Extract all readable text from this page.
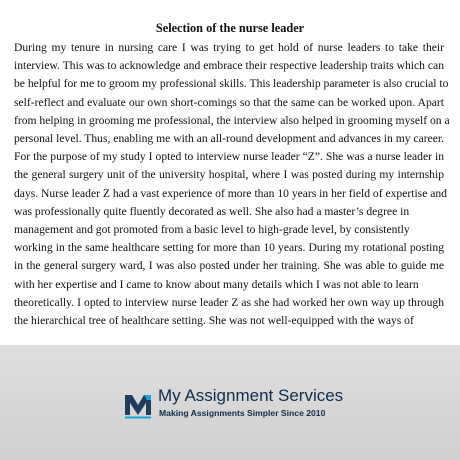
Selection of the nurse leader
During my tenure in nursing care I was trying to get hold of nurse leaders to take their
interview. This was to acknowledge and embrace their respective leadership traits which can
be helpful for me to groom my professional skills. This leadership parameter is also crucial to
self-reflect and evaluate our own short-comings so that the same can be worked upon. Apart
from helping in grooming me professional, the interview also helped in grooming myself on a
personal level. Thus, enabling me with an all-round development and advances in my career.
For the purpose of my study I opted to interview nurse leader “Z”. She was a nurse leader in
the general surgery unit of the university hospital, where I was posted during my internship
days. Nurse leader Z had a vast experience of more than 10 years in her field of expertise and
was professionally quite fluently decorated as well. She also had a master’s degree in
management and got promoted from a basic level to high-grade level, by consistently
working in the same healthcare setting for more than 10 years. During my rotational posting
in the general surgery ward, I was also posted under her training. She was able to guide me
with her expertise and I came to know about many details which I was not able to learn
theoretically. I opted to interview nurse leader Z as she had worked her own way up through
the hierarchical tree of healthcare setting. She was not well-equipped with the ways of
My Assignment Services
Making Assignments Simpler Since 2010
